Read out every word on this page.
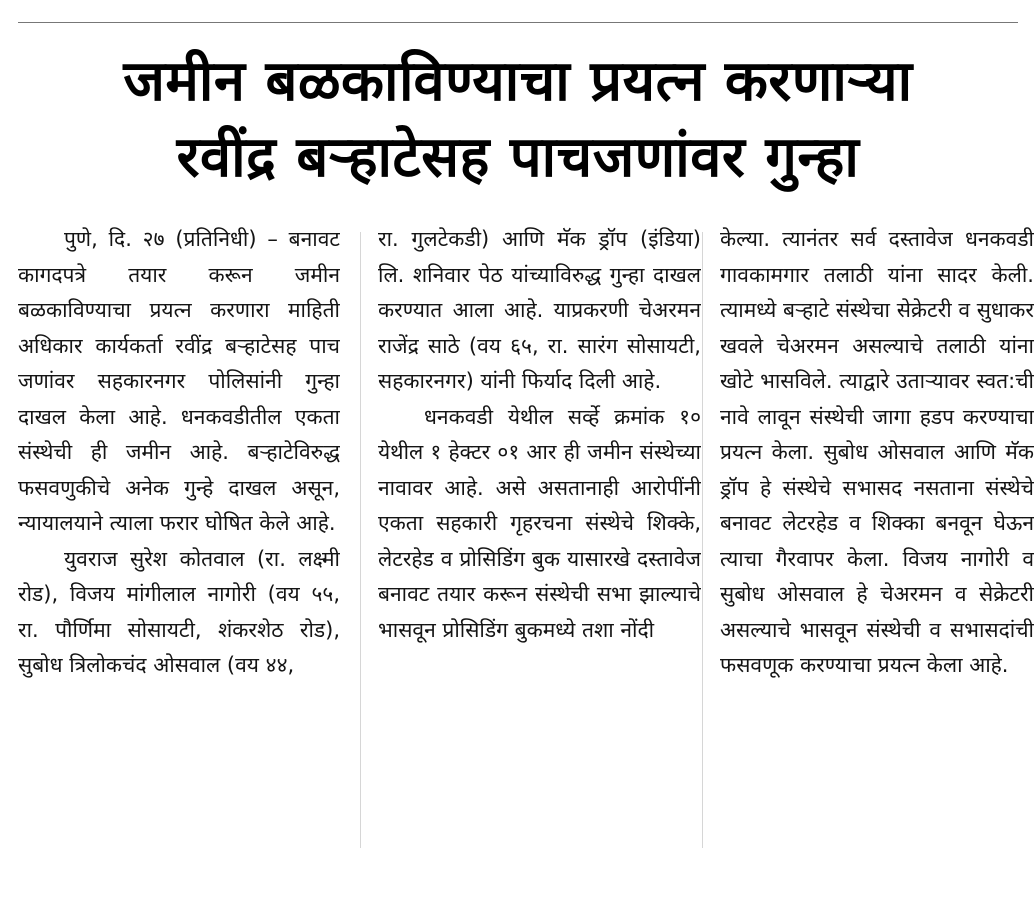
जमीन बळकाविण्याचा प्रयत्न करणाऱ्या
रवींद्र बऱ्हाटेसह पाचजणांवर गुन्हा

पुणे, दि. २७ (प्रतिनिधी) – बनावट कागदपत्रे तयार करून जमीन बळकाविण्याचा प्रयत्न करणारा माहिती अधिकार कार्यकर्ता रवींद्र बऱ्हाटेसह पाच जणांवर सहकारनगर पोलिसांनी गुन्हा दाखल केला आहे. धनकवडीतील एकता संस्थेची ही जमीन आहे. बऱ्हाटेविरुद्ध फसवणुकीचे अनेक गुन्हे दाखल असून, न्यायालयाने त्याला फरार घोषित केले आहे.

युवराज सुरेश कोतवाल (रा. लक्ष्मी रोड), विजय मांगीलाल नागोरी (वय ५५, रा. पौर्णिमा सोसायटी, शंकरशेठ रोड), सुबोध त्रिलोकचंद ओसवाल (वय ४४,

रा. गुलटेकडी) आणि मॅक ड्रॉप (इंडिया) लि. शनिवार पेठ यांच्याविरुद्ध गुन्हा दाखल करण्यात आला आहे. याप्रकरणी चेअरमन राजेंद्र साठे (वय ६५, रा. सारंग सोसायटी, सहकारनगर) यांनी फिर्याद दिली आहे.

धनकवडी येथील सर्व्हे क्रमांक १० येथील १ हेक्टर ०१ आर ही जमीन संस्थेच्या नावावर आहे. असे असतानाही आरोपींनी एकता सहकारी गृहरचना संस्थेचे शिक्के, लेटरहेड व प्रोसिडिंग बुक यासारखे दस्तावेज बनावट तयार करून संस्थेची सभा झाल्याचे भासवून प्रोसिडिंग बुकमध्ये तशा नोंदी

केल्या. त्यानंतर सर्व दस्तावेज धनकवडी गावकामगार तलाठी यांना सादर केली. त्यामध्ये बऱ्हाटे संस्थेचा सेक्रेटरी व सुधाकर खवले चेअरमन असल्याचे तलाठी यांना खोटे भासविले. त्याद्वारे उताऱ्यावर स्वत:ची नावे लावून संस्थेची जागा हडप करण्याचा प्रयत्न केला. सुबोध ओसवाल आणि मॅक ड्रॉप हे संस्थेचे सभासद नसताना संस्थेचे बनावट लेटरहेड व शिक्का बनवून घेऊन त्याचा गैरवापर केला. विजय नागोरी व सुबोध ओसवाल हे चेअरमन व सेक्रेटरी असल्याचे भासवून संस्थेची व सभासदांची फसवणूक करण्याचा प्रयत्न केला आहे.
